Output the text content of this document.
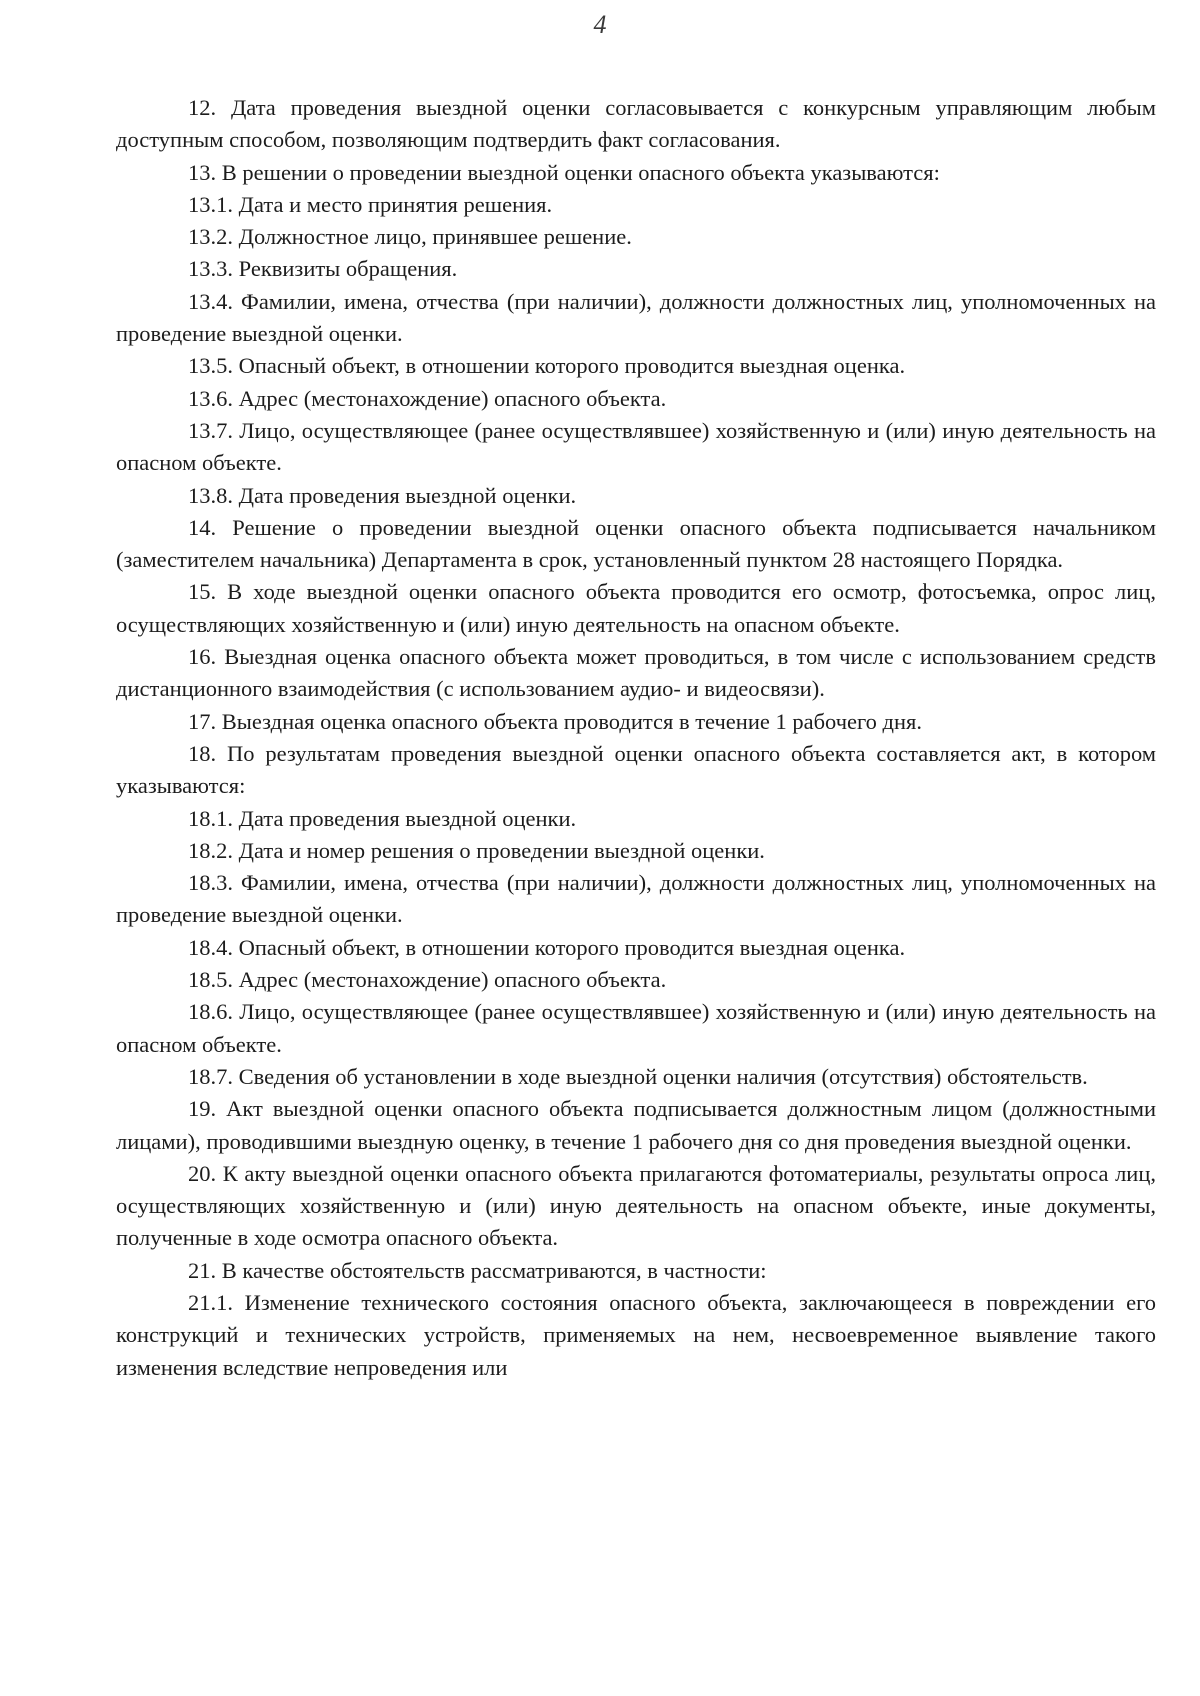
4

12. Дата проведения выездной оценки согласовывается с конкурсным управляющим любым доступным способом, позволяющим подтвердить факт согласования.

13. В решении о проведении выездной оценки опасного объекта указываются:

13.1. Дата и место принятия решения.

13.2. Должностное лицо, принявшее решение.

13.3. Реквизиты обращения.

13.4. Фамилии, имена, отчества (при наличии), должности должностных лиц, уполномоченных на проведение выездной оценки.

13.5. Опасный объект, в отношении которого проводится выездная оценка.

13.6. Адрес (местонахождение) опасного объекта.

13.7. Лицо, осуществляющее (ранее осуществлявшее) хозяйственную и (или) иную деятельность на опасном объекте.

13.8. Дата проведения выездной оценки.

14. Решение о проведении выездной оценки опасного объекта подписывается начальником (заместителем начальника) Департамента в срок, установленный пунктом 28 настоящего Порядка.

15. В ходе выездной оценки опасного объекта проводится его осмотр, фотосъемка, опрос лиц, осуществляющих хозяйственную и (или) иную деятельность на опасном объекте.

16. Выездная оценка опасного объекта может проводиться, в том числе с использованием средств дистанционного взаимодействия (с использованием аудио- и видеосвязи).

17. Выездная оценка опасного объекта проводится в течение 1 рабочего дня.

18. По результатам проведения выездной оценки опасного объекта составляется акт, в котором указываются:

18.1. Дата проведения выездной оценки.

18.2. Дата и номер решения о проведении выездной оценки.

18.3. Фамилии, имена, отчества (при наличии), должности должностных лиц, уполномоченных на проведение выездной оценки.

18.4. Опасный объект, в отношении которого проводится выездная оценка.

18.5. Адрес (местонахождение) опасного объекта.

18.6. Лицо, осуществляющее (ранее осуществлявшее) хозяйственную и (или) иную деятельность на опасном объекте.

18.7. Сведения об установлении в ходе выездной оценки наличия (отсутствия) обстоятельств.

19. Акт выездной оценки опасного объекта подписывается должностным лицом (должностными лицами), проводившими выездную оценку, в течение 1 рабочего дня со дня проведения выездной оценки.

20. К акту выездной оценки опасного объекта прилагаются фотоматериалы, результаты опроса лиц, осуществляющих хозяйственную и (или) иную деятельность на опасном объекте, иные документы, полученные в ходе осмотра опасного объекта.

21. В качестве обстоятельств рассматриваются, в частности:

21.1. Изменение технического состояния опасного объекта, заключающееся в повреждении его конструкций и технических устройств, применяемых на нем, несвоевременное выявление такого изменения вследствие непроведения или
